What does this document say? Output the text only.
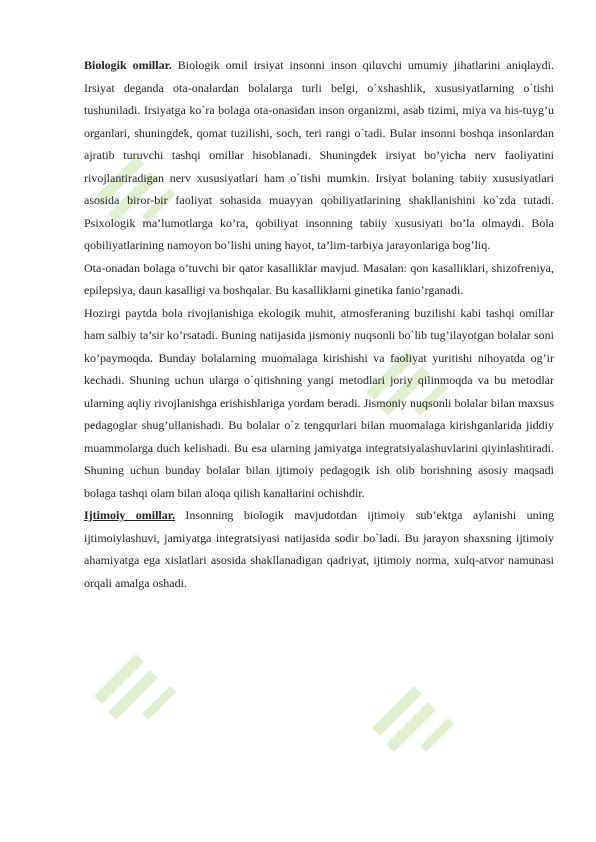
Biologik omillar. Biologik omil irsiyat insonni inson qiluvchi umumiy jihatlarini aniqlaydi. Irsiyat deganda ota-onalardan bolalarga turli belgi, o`xshashlik, xususiyatlarning o`tishi tushuniladi. Irsiyatga ko`ra bolaga ota-onasidan inson organizmi, asab tizimi, miya va his-tuyg’u organlari, shuningdek, qomat tuzilishi, soch, teri rangi o`tadi. Bular insonni boshqa insonlardan ajratib turuvchi tashqi omillar hisoblanadi. Shuningdek irsiyat bo’yicha nerv faoliyatini rivojlantiradigan nerv xususiyatlari ham o`tishi mumkin. Irsiyat bolaning tabiiy xususiyatlari asosida biror-bir faoliyat sohasida muayyan qobiliyatlarining shakllanishini ko`zda tutadi. Psixologik ma’lumotlarga ko’ra, qobiliyat insonning tabiiy xususiyati bo’la olmaydi. Bola qobiliyatlarining namoyon bo’lishi uning hayot, ta’lim-tarbiya jarayonlariga bog’liq.

Ota-onadan bolaga o’tuvchi bir qator kasalliklar mavjud. Masalan: qon kasalliklari, shizofreniya, epilepsiya, daun kasalligi va boshqalar. Bu kasalliklarni ginetika fanio’rganadi.

Hozirgi paytda bola rivojlanishiga ekologik muhit, atmosferaning buzilishi kabi tashqi omillar ham salbiy ta’sir ko’rsatadi. Buning natijasida jismoniy nuqsonli bo`lib tug’ilayotgan bolalar soni ko’paymoqda. Bunday bolalarning muomalaga kirishishi va faoliyat yuritishi nihoyatda og’ir kechadi. Shuning uchun ularga o`qitishning yangi metodlari joriy qilinmoqda va bu metodlar ularning aqliy rivojlanishga erishishlariga yordam beradi. Jismoniy nuqsonli bolalar bilan maxsus pedagoglar shug’ullanishadi. Bu bolalar o`z tengqurlari bilan muomalaga kirishganlarida jiddiy muammolarga duch kelishadi. Bu esa ularning jamiyatga integratsiyalashuvlarini qiyinlashtiradi. Shuning uchun bunday bolalar bilan ijtimoiy pedagogik ish olib borishning asosiy maqsadi bolaga tashqi olam bilan aloqa qilish kanallarini ochishdir.

Ijtimoiy omillar. Insonning biologik mavjudotdan ijtimoiy sub’ektga aylanishi uning ijtimoiylashuvi, jamiyatga integratsiyasi natijasida sodir bo`ladi. Bu jarayon shaxsning ijtimoiy ahamiyatga ega xislatlari asosida shakllanadigan qadriyat, ijtimoiy norma, xulq-atvor namunasi orqali amalga oshadi.
